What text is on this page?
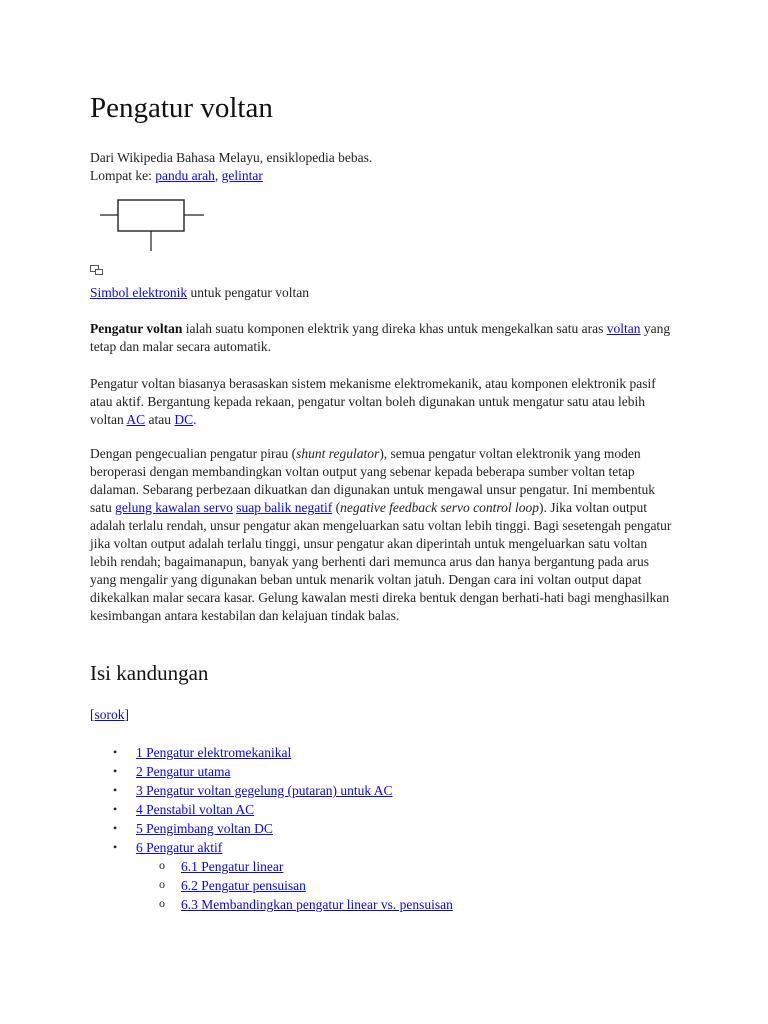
Pengatur voltan
Dari Wikipedia Bahasa Melayu, ensiklopedia bebas.
Lompat ke: pandu arah, gelintar
Simbol elektronik untuk pengatur voltan

Pengatur voltan ialah suatu komponen elektrik yang direka khas untuk mengekalkan satu aras voltan yang tetap dan malar secara automatik.

Pengatur voltan biasanya berasaskan sistem mekanisme elektromekanik, atau komponen elektronik pasif atau aktif. Bergantung kepada rekaan, pengatur voltan boleh digunakan untuk mengatur satu atau lebih voltan AC atau DC.

Dengan pengecualian pengatur pirau (shunt regulator), semua pengatur voltan elektronik yang moden beroperasi dengan membandingkan voltan output yang sebenar kepada beberapa sumber voltan tetap dalaman. Sebarang perbezaan dikuatkan dan digunakan untuk mengawal unsur pengatur. Ini membentuk satu gelung kawalan servo suap balik negatif (negative feedback servo control loop). Jika voltan output adalah terlalu rendah, unsur pengatur akan mengeluarkan satu voltan lebih tinggi. Bagi sesetengah pengatur jika voltan output adalah terlalu tinggi, unsur pengatur akan diperintah untuk mengeluarkan satu voltan lebih rendah; bagaimanapun, banyak yang berhenti dari memunca arus dan hanya bergantung pada arus yang mengalir yang digunakan beban untuk menarik voltan jatuh. Dengan cara ini voltan output dapat dikekalkan malar secara kasar. Gelung kawalan mesti direka bentuk dengan berhati-hati bagi menghasilkan kesimbangan antara kestabilan dan kelajuan tindak balas.

Isi kandungan
[sorok]
• 1 Pengatur elektromekanikal
• 2 Pengatur utama
• 3 Pengatur voltan gegelung (putaran) untuk AC
• 4 Penstabil voltan AC
• 5 Pengimbang voltan DC
• 6 Pengatur aktif
o 6.1 Pengatur linear
o 6.2 Pengatur pensuisan
o 6.3 Membandingkan pengatur linear vs. pensuisan
